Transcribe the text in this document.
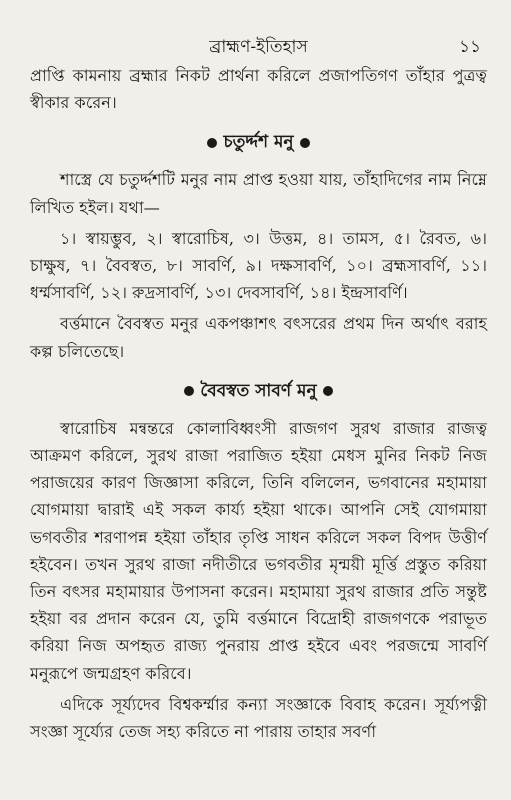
ব্রাহ্মণ-ইতিহাস	১১

প্রাপ্তি কামনায় ব্রহ্মার নিকট প্রার্থনা করিলে প্রজাপতিগণ তাঁহার পুত্রত্ব স্বীকার করেন।

চতুর্দ্দশ মনু

শাস্ত্রে যে চতুর্দ্দশটি মনুর নাম প্রাপ্ত হওয়া যায়, তাঁহাদিগের নাম নিম্নে লিখিত হইল। যথা—

১। স্বায়ম্ভুব, ২। স্বারোচিষ, ৩। উত্তম, ৪। তামস, ৫। রৈবত, ৬। চাক্ষুষ, ৭। বৈবস্বত, ৮। সাবর্ণি, ৯। দক্ষসাবর্ণি, ১০। ব্রহ্মসাবর্ণি, ১১। ধর্ম্মসাবর্ণি, ১২। রুদ্রসাবর্ণি, ১৩। দেবসাবর্ণি, ১৪। ইন্দ্রসাবর্ণি।

বর্ত্তমানে বৈবস্বত মনুর একপঞ্চাশৎ বৎসরের প্রথম দিন অর্থাৎ বরাহ কল্প চলিতেছে।

বৈবস্বত সাবর্ণ মনু

স্বারোচিষ মন্বন্তরে কোলাবিধ্বংসী রাজগণ সুরথ রাজার রাজত্ব আক্রমণ করিলে, সুরথ রাজা পরাজিত হইয়া মেধস মুনির নিকট নিজ পরাজয়ের কারণ জিজ্ঞাসা করিলে, তিনি বলিলেন, ভগবানের মহামায়া যোগমায়া দ্বারাই এই সকল কার্য্য হইয়া থাকে। আপনি সেই যোগমায়া ভগবতীর শরণাপন্ন হইয়া তাঁহার তৃপ্তি সাধন করিলে সকল বিপদ উত্তীর্ণ হইবেন। তখন সুরথ রাজা নদীতীরে ভগবতীর মৃন্ময়ী মূর্ত্তি প্রস্তুত করিয়া তিন বৎসর মহামায়ার উপাসনা করেন। মহামায়া সুরথ রাজার প্রতি সন্তুষ্ট হইয়া বর প্রদান করেন যে, তুমি বর্ত্তমানে বিদ্রোহী রাজগণকে পরাভূত করিয়া নিজ অপহৃত রাজ্য পুনরায় প্রাপ্ত হইবে এবং পরজন্মে সাবর্ণি মনুরূপে জন্মগ্রহণ করিবে।

এদিকে সূর্য্যদেব বিশ্বকর্ম্মার কন্যা সংজ্ঞাকে বিবাহ করেন। সূর্য্যপত্নী সংজ্ঞা সূর্য্যের তেজ সহ্য করিতে না পারায় তাহার সবর্ণা
